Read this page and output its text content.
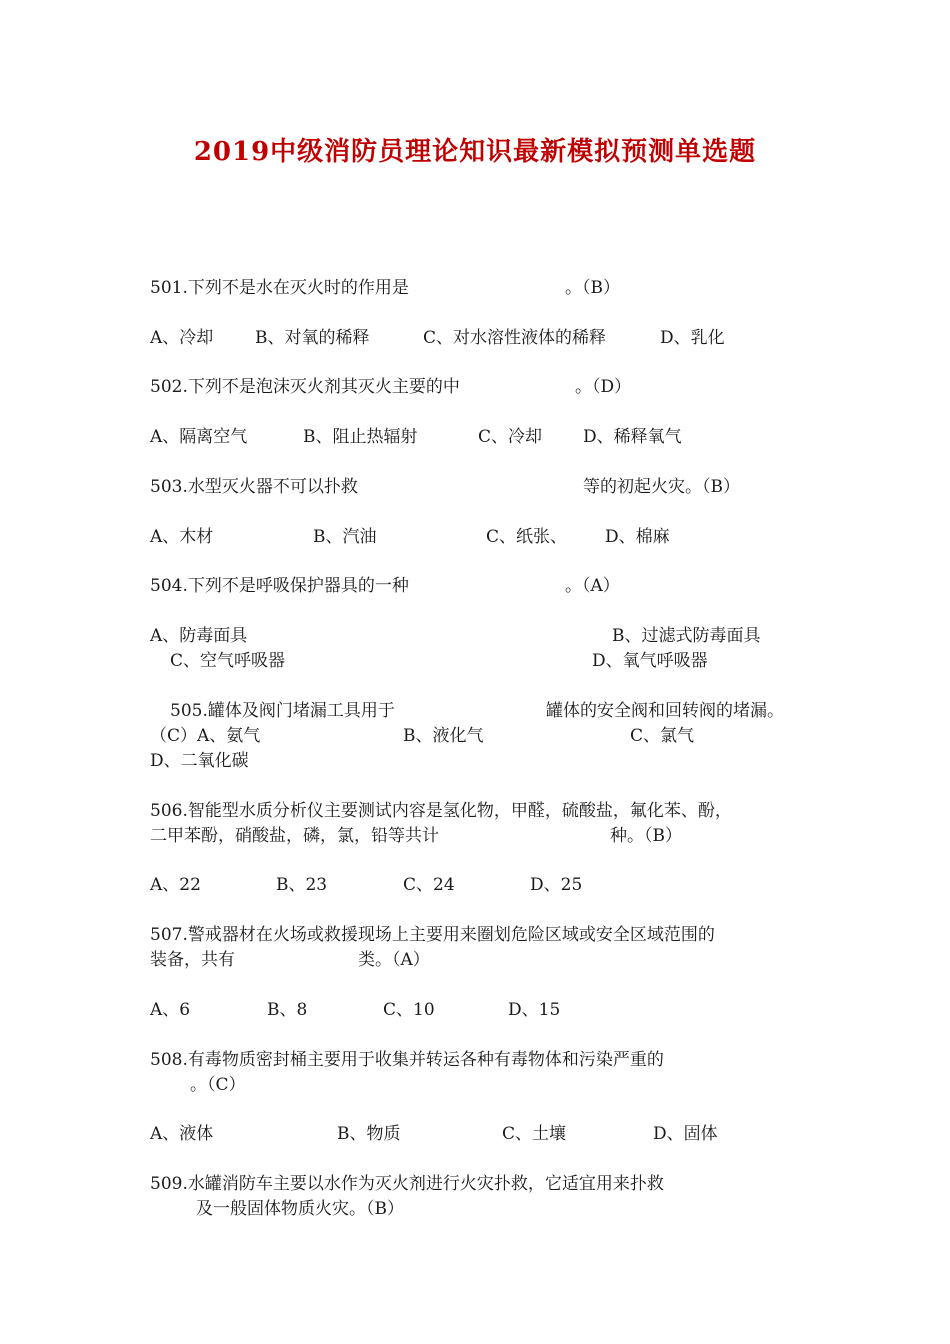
2019中级消防员理论知识最新模拟预测单选题
501.下列不是水在灭火时的作用是	。（B）
A、冷却 B、对氧的稀释	C、对水溶性液体的稀释	D、乳化
502.下列不是泡沫灭火剂其灭火主要的中	。（D）
A、隔离空气	B、阻止热辐射	C、冷却 D、稀释氧气
503.水型灭火器不可以扑救	等的初起火灾。（B）
A、木材	B、汽油	C、纸张、 D、棉麻
504.下列不是呼吸保护器具的一种	。（A）
A、防毒面具	B、过滤式防毒面具
C、空气呼吸器	D、氧气呼吸器
505.罐体及阀门堵漏工具用于	罐体的安全阀和回转阀的堵漏。
（C）A、氨气	B、液化气	C、氯气
D、二氧化碳
506.智能型水质分析仪主要测试内容是氢化物，甲醛，硫酸盐，氟化苯、酚，
二甲苯酚，硝酸盐，磷，氯，铅等共计	种。（B）
A、22	B、23	C、24	D、25
507.警戒器材在火场或救援现场上主要用来圈划危险区域或安全区域范围的
装备，共有	类。（A）
A、6	B、8	C、10	D、15
508.有毒物质密封桶主要用于收集并转运各种有毒物体和污染严重的
。（C）
A、液体	B、物质	C、土壤	D、固体
509.水罐消防车主要以水作为灭火剂进行火灾扑救，它适宜用来扑救
及一般固体物质火灾。（B）
